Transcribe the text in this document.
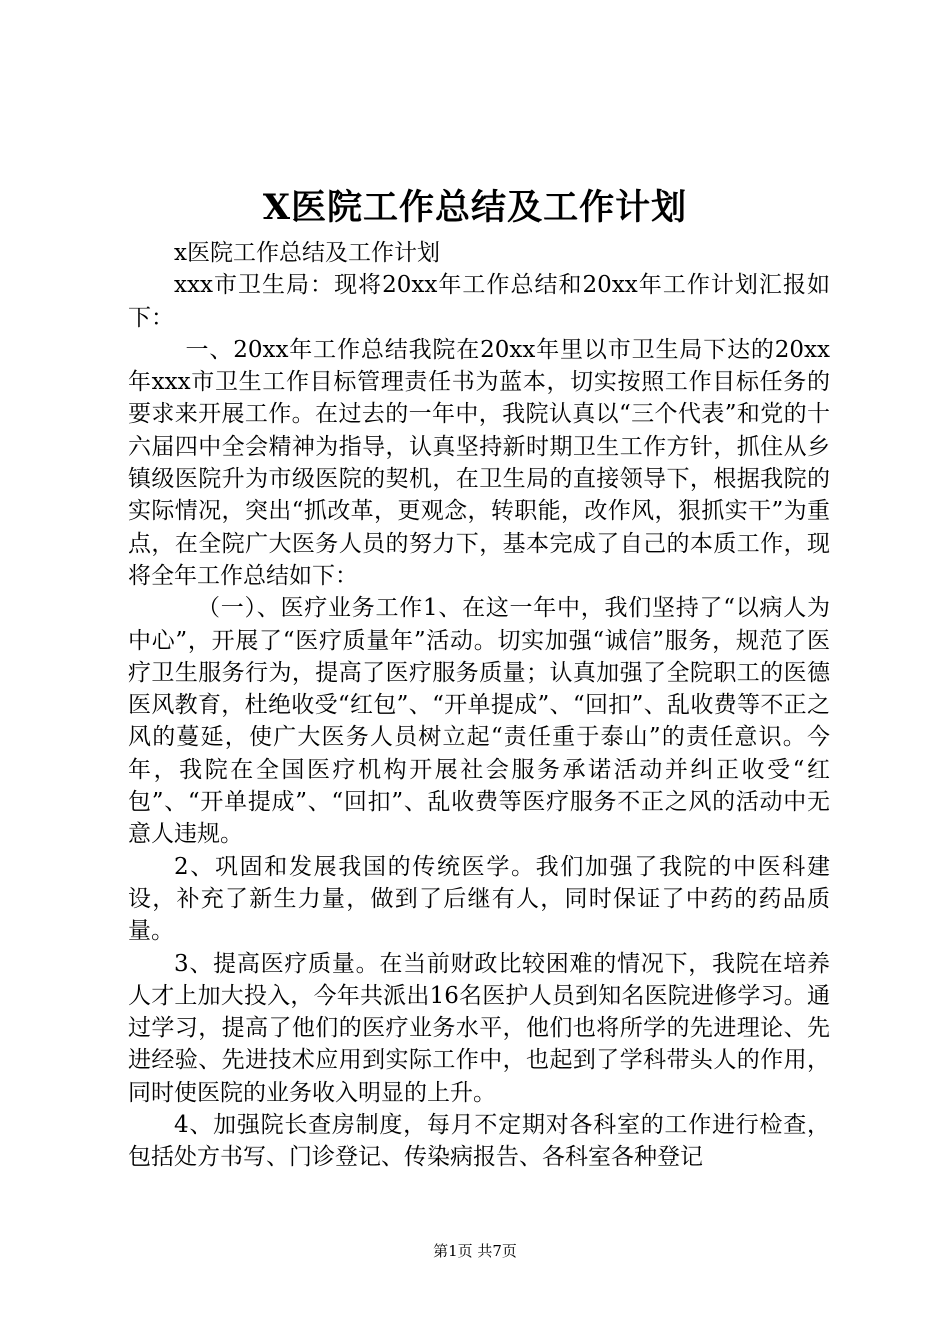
X医院工作总结及工作计划

x医院工作总结及工作计划

xxx市卫生局：现将20xx年工作总结和20xx年工作计划汇报如下：

一、20xx年工作总结我院在20xx年里以市卫生局下达的20xx年xxx市卫生工作目标管理责任书为蓝本，切实按照工作目标任务的要求来开展工作。在过去的一年中，我院认真以“三个代表”和党的十六届四中全会精神为指导，认真坚持新时期卫生工作方针，抓住从乡镇级医院升为市级医院的契机，在卫生局的直接领导下，根据我院的实际情况，突出“抓改革，更观念，转职能，改作风，狠抓实干”为重点，在全院广大医务人员的努力下，基本完成了自己的本质工作，现将全年工作总结如下：

（一）、医疗业务工作1、在这一年中，我们坚持了“以病人为中心”，开展了“医疗质量年”活动。切实加强“诚信”服务，规范了医疗卫生服务行为，提高了医疗服务质量；认真加强了全院职工的医德医风教育，杜绝收受“红包”、“开单提成”、“回扣”、乱收费等不正之风的蔓延，使广大医务人员树立起“责任重于泰山”的责任意识。今年，我院在全国医疗机构开展社会服务承诺活动并纠正收受“红包”、“开单提成”、“回扣”、乱收费等医疗服务不正之风的活动中无意人违规。

2、巩固和发展我国的传统医学。我们加强了我院的中医科建设，补充了新生力量，做到了后继有人，同时保证了中药的药品质量。

3、提高医疗质量。在当前财政比较困难的情况下，我院在培养人才上加大投入，今年共派出16名医护人员到知名医院进修学习。通过学习，提高了他们的医疗业务水平，他们也将所学的先进理论、先进经验、先进技术应用到实际工作中，也起到了学科带头人的作用，同时使医院的业务收入明显的上升。

4、加强院长查房制度，每月不定期对各科室的工作进行检查，包括处方书写、门诊登记、传染病报告、各科室各种登记

第1页 共7页
